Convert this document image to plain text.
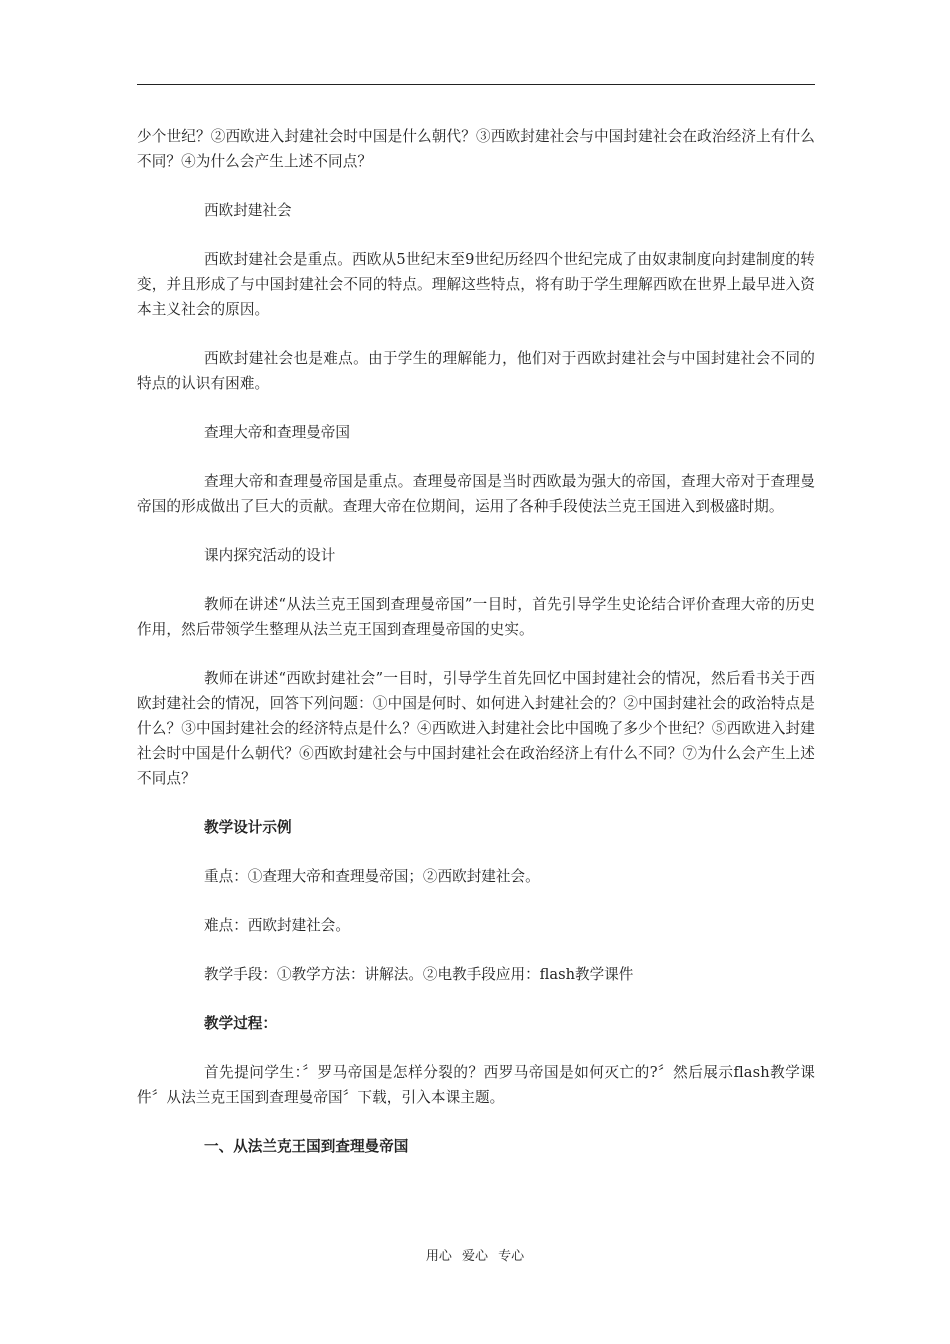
少个世纪？②西欧进入封建社会时中国是什么朝代？③西欧封建社会与中国封建社会在政治经济上有什么不同？④为什么会产生上述不同点？

西欧封建社会

西欧封建社会是重点。西欧从5世纪末至9世纪历经四个世纪完成了由奴隶制度向封建制度的转变，并且形成了与中国封建社会不同的特点。理解这些特点，将有助于学生理解西欧在世界上最早进入资本主义社会的原因。

西欧封建社会也是难点。由于学生的理解能力，他们对于西欧封建社会与中国封建社会不同的特点的认识有困难。

查理大帝和查理曼帝国

查理大帝和查理曼帝国是重点。查理曼帝国是当时西欧最为强大的帝国，查理大帝对于查理曼帝国的形成做出了巨大的贡献。查理大帝在位期间，运用了各种手段使法兰克王国进入到极盛时期。

课内探究活动的设计

教师在讲述“从法兰克王国到查理曼帝国”一目时，首先引导学生史论结合评价查理大帝的历史作用，然后带领学生整理从法兰克王国到查理曼帝国的史实。

教师在讲述“西欧封建社会”一目时，引导学生首先回忆中国封建社会的情况，然后看书关于西欧封建社会的情况，回答下列问题：①中国是何时、如何进入封建社会的？②中国封建社会的政治特点是什么？③中国封建社会的经济特点是什么？④西欧进入封建社会比中国晚了多少个世纪？⑤西欧进入封建社会时中国是什么朝代？⑥西欧封建社会与中国封建社会在政治经济上有什么不同？⑦为什么会产生上述不同点？

教学设计示例

重点：①查理大帝和查理曼帝国；②西欧封建社会。

难点：西欧封建社会。

教学手段：①教学方法：讲解法。②电教手段应用：flash教学课件

教学过程：

首先提问学生：〞罗马帝国是怎样分裂的？西罗马帝国是如何灭亡的?〞然后展示flash教学课件〞从法兰克王国到查理曼帝国〞下载，引入本课主题。

一、从法兰克王国到查理曼帝国

用心 爱心 专心
